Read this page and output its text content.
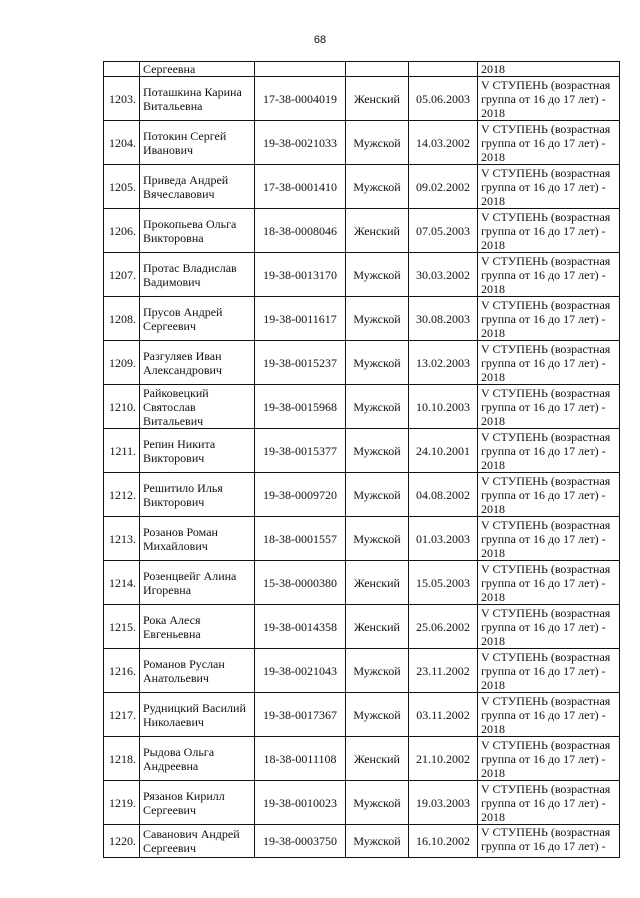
68
	Сергеевна				2018
1203.	Поташкина Карина Витальевна	17-38-0004019	Женский	05.06.2003	V СТУПЕНЬ (возрастная группа от 16 до 17 лет) - 2018
1204.	Потокин Сергей Иванович	19-38-0021033	Мужской	14.03.2002	V СТУПЕНЬ (возрастная группа от 16 до 17 лет) - 2018
1205.	Приведа Андрей Вячеславович	17-38-0001410	Мужской	09.02.2002	V СТУПЕНЬ (возрастная группа от 16 до 17 лет) - 2018
1206.	Прокопьева Ольга Викторовна	18-38-0008046	Женский	07.05.2003	V СТУПЕНЬ (возрастная группа от 16 до 17 лет) - 2018
1207.	Протас Владислав Вадимович	19-38-0013170	Мужской	30.03.2002	V СТУПЕНЬ (возрастная группа от 16 до 17 лет) - 2018
1208.	Прусов Андрей Сергеевич	19-38-0011617	Мужской	30.08.2003	V СТУПЕНЬ (возрастная группа от 16 до 17 лет) - 2018
1209.	Разгуляев Иван Александрович	19-38-0015237	Мужской	13.02.2003	V СТУПЕНЬ (возрастная группа от 16 до 17 лет) - 2018
1210.	Райковецкий Святослав Витальевич	19-38-0015968	Мужской	10.10.2003	V СТУПЕНЬ (возрастная группа от 16 до 17 лет) - 2018
1211.	Репин Никита Викторович	19-38-0015377	Мужской	24.10.2001	V СТУПЕНЬ (возрастная группа от 16 до 17 лет) - 2018
1212.	Решитило Илья Викторович	19-38-0009720	Мужской	04.08.2002	V СТУПЕНЬ (возрастная группа от 16 до 17 лет) - 2018
1213.	Розанов Роман Михайлович	18-38-0001557	Мужской	01.03.2003	V СТУПЕНЬ (возрастная группа от 16 до 17 лет) - 2018
1214.	Розенцвейг Алина Игоревна	15-38-0000380	Женский	15.05.2003	V СТУПЕНЬ (возрастная группа от 16 до 17 лет) - 2018
1215.	Рока Алеся Евгеньевна	19-38-0014358	Женский	25.06.2002	V СТУПЕНЬ (возрастная группа от 16 до 17 лет) - 2018
1216.	Романов Руслан Анатольевич	19-38-0021043	Мужской	23.11.2002	V СТУПЕНЬ (возрастная группа от 16 до 17 лет) - 2018
1217.	Рудницкий Василий Николаевич	19-38-0017367	Мужской	03.11.2002	V СТУПЕНЬ (возрастная группа от 16 до 17 лет) - 2018
1218.	Рыдова Ольга Андреевна	18-38-0011108	Женский	21.10.2002	V СТУПЕНЬ (возрастная группа от 16 до 17 лет) - 2018
1219.	Рязанов Кирилл Сергеевич	19-38-0010023	Мужской	19.03.2003	V СТУПЕНЬ (возрастная группа от 16 до 17 лет) - 2018
1220.	Саванович Андрей Сергеевич	19-38-0003750	Мужской	16.10.2002	V СТУПЕНЬ (возрастная группа от 16 до 17 лет) -
